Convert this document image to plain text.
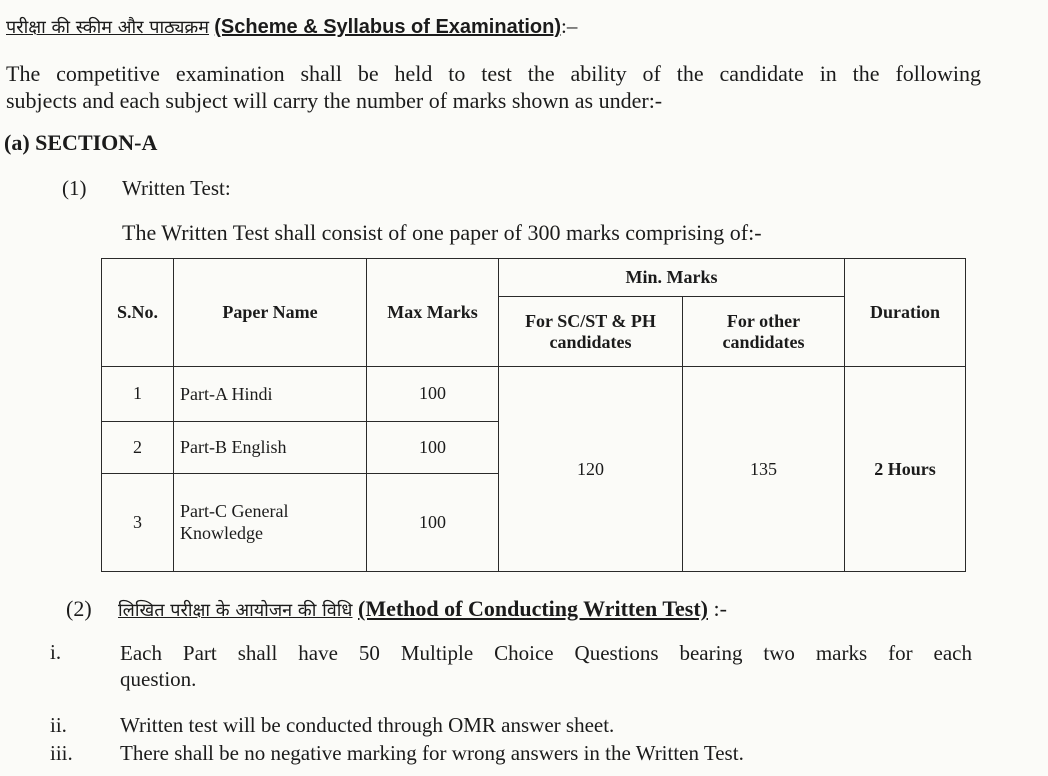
परीक्षा की स्कीम और पाठ्यक्रम (Scheme & Syllabus of Examination):–
The competitive examination shall be held to test the ability of the candidate in the following
subjects and each subject will carry the number of marks shown as under:-
(a) SECTION-A
(1) Written Test:
The Written Test shall consist of one paper of 300 marks comprising of:-
S.No.	Paper Name	Max Marks	Min. Marks		Duration
			For SC/ST & PH candidates	For other candidates	
1	Part-A Hindi	100	120	135	2 Hours
2	Part-B English	100			
3	Part-C General Knowledge	100			
(2) लिखित परीक्षा के आयोजन की विधि (Method of Conducting Written Test) :-
i.	Each Part shall have 50 Multiple Choice Questions bearing two marks for each
question.
ii.	Written test will be conducted through OMR answer sheet.
iii. There shall be no negative marking for wrong answers in the Written Test.
